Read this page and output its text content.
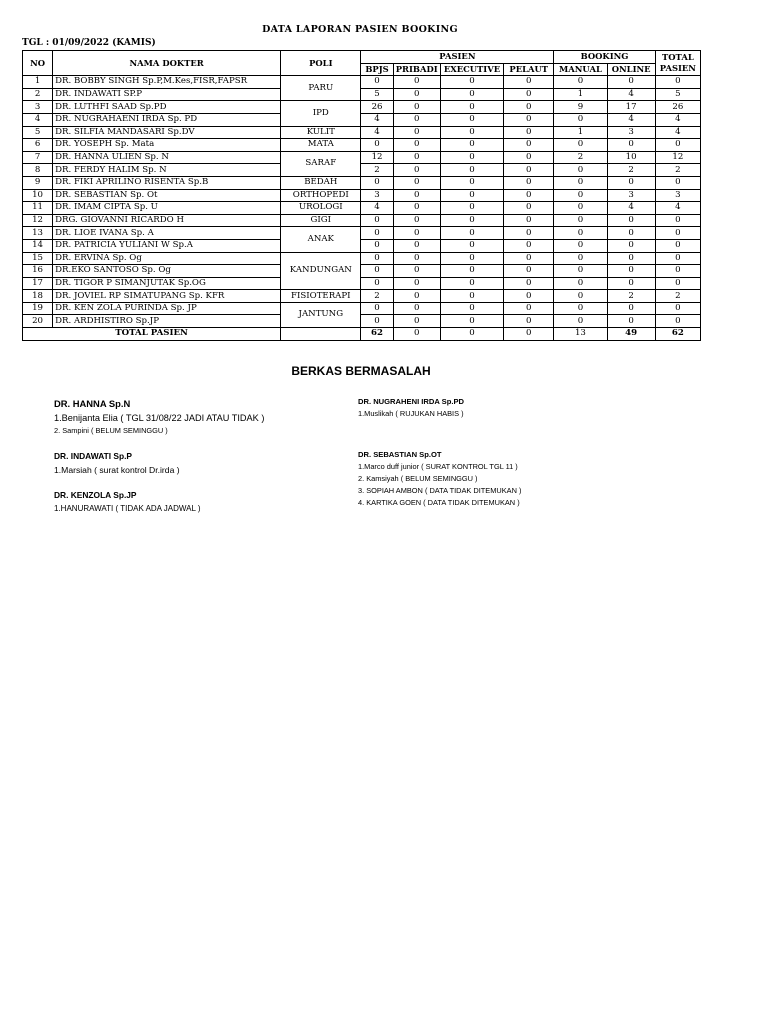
DATA LAPORAN PASIEN BOOKING
TGL : 01/09/2022 (KAMIS)
NO	NAMA DOKTER	POLI	PASIEN				BOOKING		TOTAL PASIEN
			BPJS	PRIBADI	EXECUTIVE	PELAUT	MANUAL	ONLINE	
1	DR. BOBBY SINGH Sp.P,M.Kes,FISR,FAPSR	PARU	0	0	0	0	0	0	0
2	DR. INDAWATI SP.P		5	0	0	0	1	4	5
3	DR. LUTHFI SAAD Sp.PD	IPD	26	0	0	0	9	17	26
4	DR. NUGRAHAENI IRDA Sp. PD		4	0	0	0	0	4	4
5	DR. SILFIA MANDASARI Sp.DV	KULIT	4	0	0	0	1	3	4
6	DR. YOSEPH Sp. Mata	MATA	0	0	0	0	0	0	0
7	DR. HANNA ULIEN Sp. N	SARAF	12	0	0	0	2	10	12
8	DR. FERDY HALIM Sp. N		2	0	0	0	0	2	2
9	DR. FIKI APRILINO RISENTA Sp.B	BEDAH	0	0	0	0	0	0	0
10	DR. SEBASTIAN Sp. Ot	ORTHOPEDI	3	0	0	0	0	3	3
11	DR. IMAM CIPTA Sp. U	UROLOGI	4	0	0	0	0	4	4
12	DRG. GIOVANNI RICARDO H	GIGI	0	0	0	0	0	0	0
13	DR. LIOE IVANA Sp. A	ANAK	0	0	0	0	0	0	0
14	DR. PATRICIA YULIANI W Sp.A		0	0	0	0	0	0	0
15	DR. ERVINA Sp. Og	KANDUNGAN	0	0	0	0	0	0	0
16	DR.EKO SANTOSO Sp. Og		0	0	0	0	0	0	0
17	DR. TIGOR P SIMANJUTAK Sp.OG		0	0	0	0	0	0	0
18	DR. JOVIEL RP SIMATUPANG Sp. KFR	FISIOTERAPI	2	0	0	0	0	2	2
19	DR. KEN ZOLA PURINDA Sp. JP	JANTUNG	0	0	0	0	0	0	0
20	DR. ARDHISTIRO Sp.JP		0	0	0	0	0	0	0
TOTAL PASIEN			62	0	0	0	13	49	62
BERKAS BERMASALAH
DR. HANNA Sp.N
1.Benijanta Elia ( TGL 31/08/22 JADI ATAU TIDAK )
2. Sampini ( BELUM SEMINGGU )
DR. INDAWATI Sp.P
1.Marsiah ( surat kontrol Dr.irda )
DR. KENZOLA Sp.JP
1.HANURAWATI ( TIDAK ADA JADWAL )
DR. NUGRAHENI IRDA Sp.PD
1.Muslikah ( RUJUKAN HABIS )
DR. SEBASTIAN Sp.OT
1.Marco duff junior ( SURAT KONTROL TGL 11 )
2. Kamsiyah ( BELUM SEMINGGU )
3. SOPIAH AMBON ( DATA TIDAK DITEMUKAN )
4. KARTIKA GOEN ( DATA TIDAK DITEMUKAN )
